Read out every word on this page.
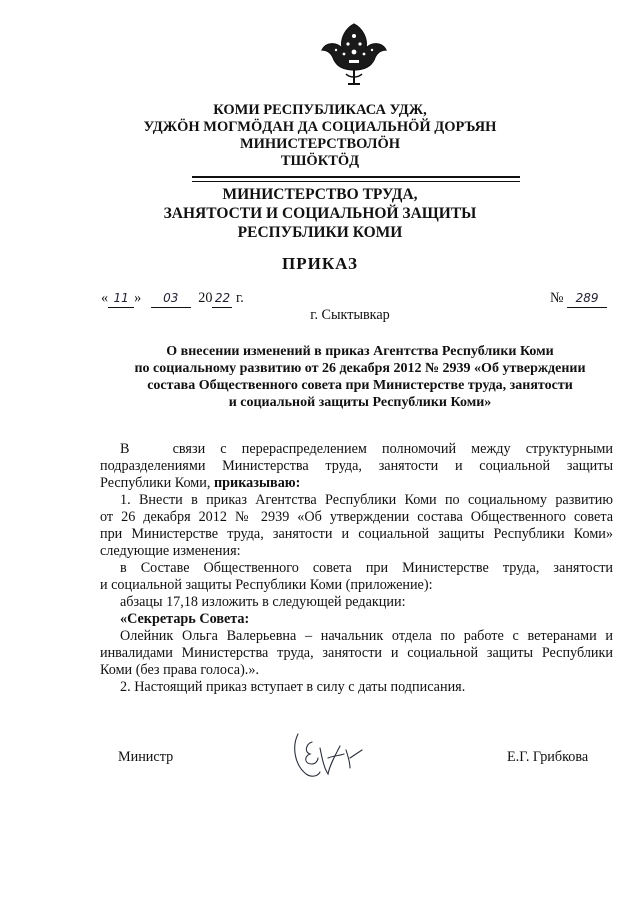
КОМИ РЕСПУБЛИКАСА УДЖ,
УДЖӦН МОГМӦДАН ДА СОЦИАЛЬНӦЙ ДОРЪЯН
МИНИСТЕРСТВОЛӦН
ТШӦКТӦД
МИНИСТЕРСТВО ТРУДА,
ЗАНЯТОСТИ И СОЦИАЛЬНОЙ ЗАЩИТЫ
РЕСПУБЛИКИ КОМИ
ПРИКАЗ
« 11 » 03 20 22 г.	№ 289
г. Сыктывкар
О внесении изменений в приказ Агентства Республики Коми
по социальному развитию от 26 декабря 2012 № 2939 «Об утверждении
состава Общественного совета при Министерстве труда, занятости
и социальной защиты Республики Коми»

В	связи с перераспределением полномочий между структурными

подразделениями Министерства труда, занятости и социальной защиты

Республики Коми, приказываю:

1. Внести в приказ Агентства Республики Коми по социальному развитию

от 26 декабря 2012 № 2939 «Об утверждении состава Общественного совета

при Министерстве труда, занятости и социальной защиты Республики Коми»

следующие изменения:

в Составе Общественного совета при Министерстве труда, занятости

и социальной защиты Республики Коми (приложение):

абзацы 17,18 изложить в следующей редакции:

«Секретарь Совета:

Олейник Ольга Валерьевна – начальник отдела по работе с ветеранами и

инвалидами Министерства труда, занятости и социальной защиты Республики

Коми (без права голоса).».

2. Настоящий приказ вступает в силу с даты подписания.

Министр	Е.Г. Грибкова
